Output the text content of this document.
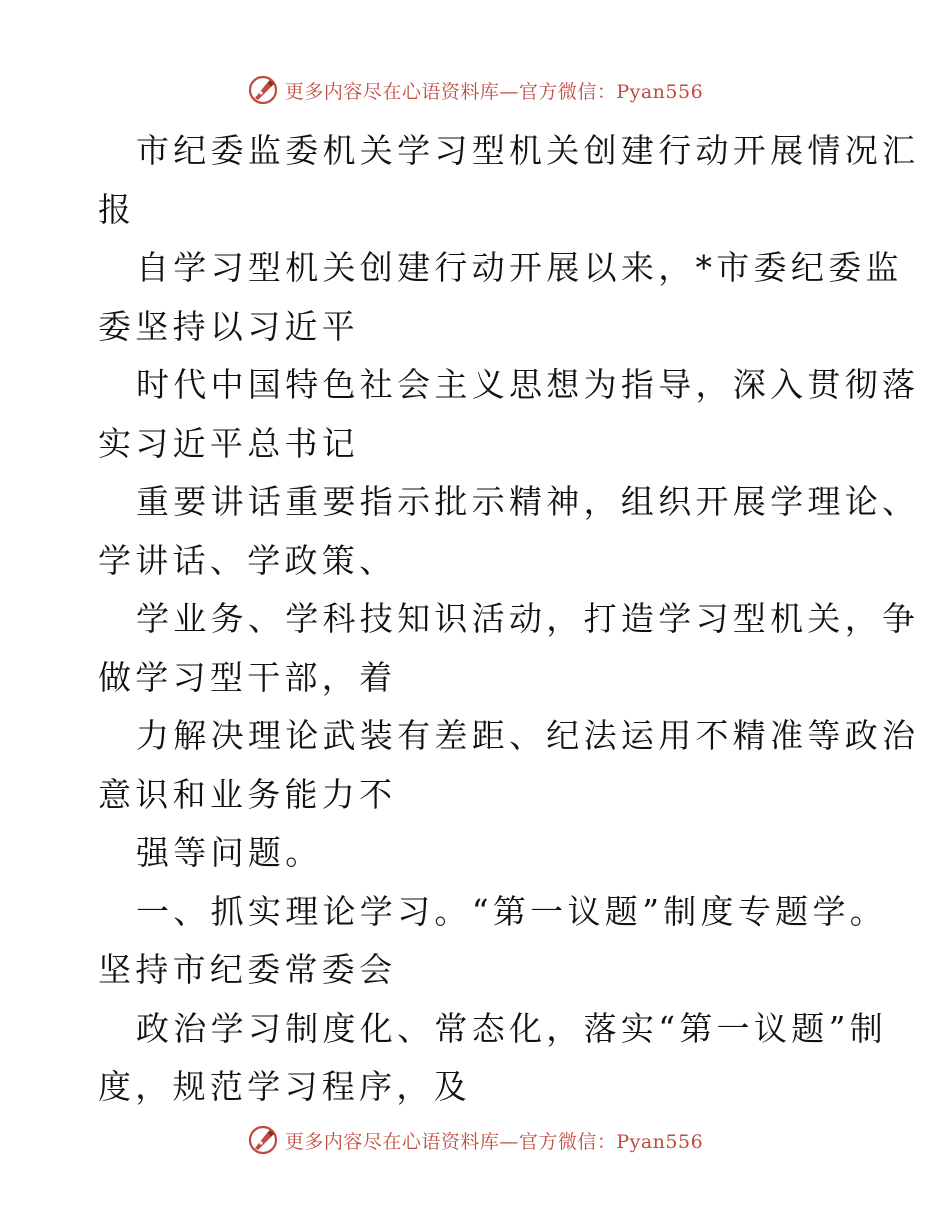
更多内容尽在心语资料库—官方微信：Pyan556
市纪委监委机关学习型机关创建行动开展情况汇
报
自学习型机关创建行动开展以来，*市委纪委监
委坚持以习近平
时代中国特色社会主义思想为指导，深入贯彻落
实习近平总书记
重要讲话重要指示批示精神，组织开展学理论、
学讲话、学政策、
学业务、学科技知识活动，打造学习型机关，争
做学习型干部，着
力解决理论武装有差距、纪法运用不精准等政治
意识和业务能力不
强等问题。
一、抓实理论学习。“第一议题”制度专题学。
坚持市纪委常委会
政治学习制度化、常态化，落实“第一议题”制
度，规范学习程序，及
更多内容尽在心语资料库—官方微信：Pyan556
